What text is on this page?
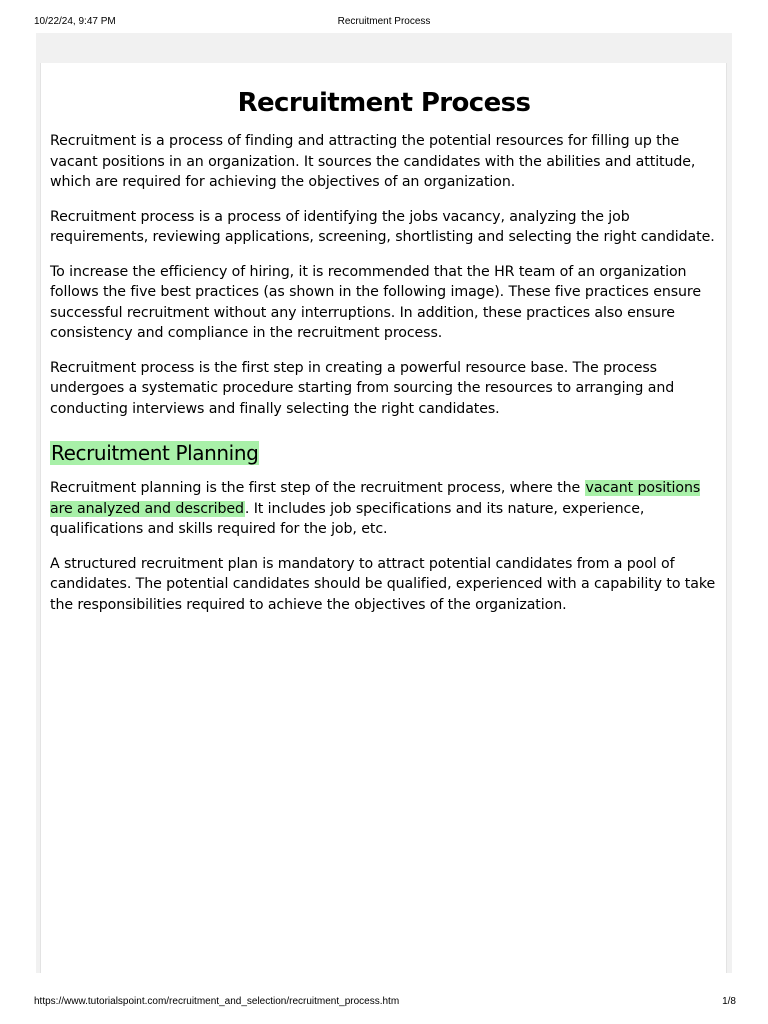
10/22/24, 9:47 PM	Recruitment Process
Recruitment Process

Recruitment is a process of finding and attracting the potential resources for filling up the vacant positions in an organization. It sources the candidates with the abilities and attitude, which are required for achieving the objectives of an organization.

Recruitment process is a process of identifying the jobs vacancy, analyzing the job requirements, reviewing applications, screening, shortlisting and selecting the right candidate.

To increase the efficiency of hiring, it is recommended that the HR team of an organization follows the five best practices (as shown in the following image). These five practices ensure successful recruitment without any interruptions. In addition, these practices also ensure consistency and compliance in the recruitment process.

Recruitment process is the first step in creating a powerful resource base. The process undergoes a systematic procedure starting from sourcing the resources to arranging and conducting interviews and finally selecting the right candidates.

Recruitment Planning

Recruitment planning is the first step of the recruitment process, where the vacant positions are analyzed and described. It includes job specifications and its nature, experience, qualifications and skills required for the job, etc.

A structured recruitment plan is mandatory to attract potential candidates from a pool of candidates. The potential candidates should be qualified, experienced with a capability to take the responsibilities required to achieve the objectives of the organization.

https://www.tutorialspoint.com/recruitment_and_selection/recruitment_process.htm	1/8
